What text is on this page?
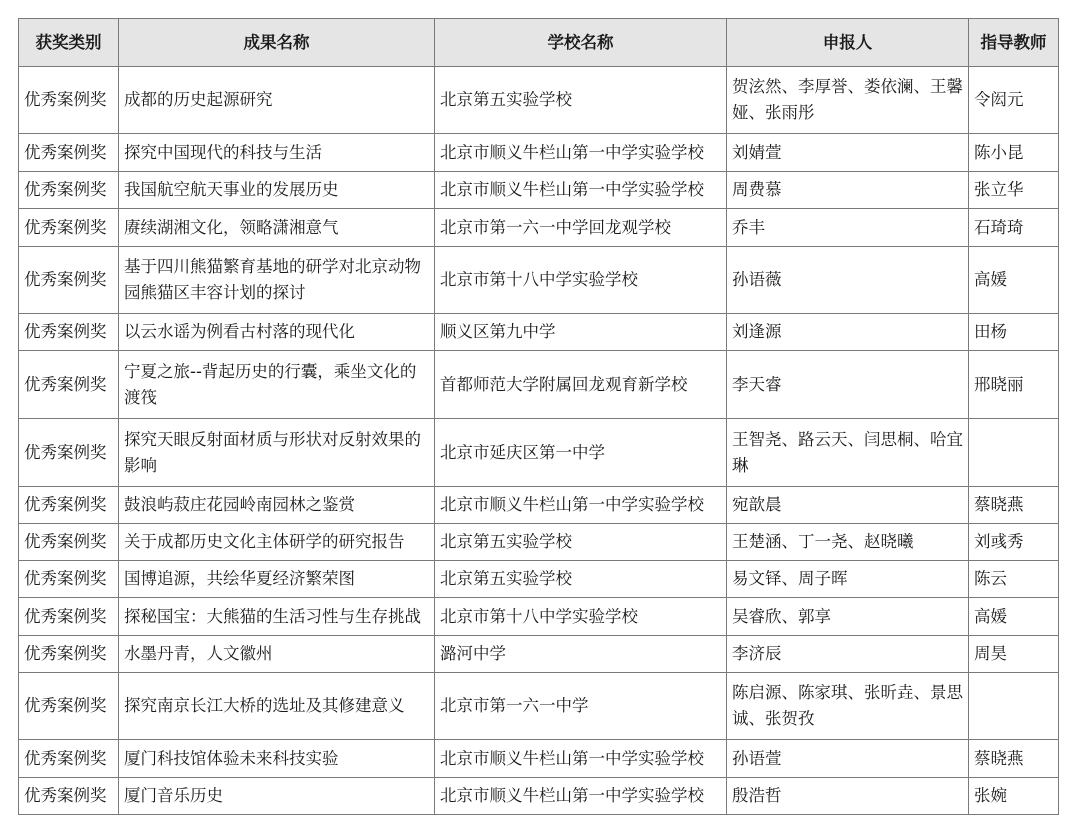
获奖类别	成果名称	学校名称	申报人	指导教师
优秀案例奖	成都的历史起源研究	北京第五实验学校	贺泫然、李厚誉、娄依澜、王馨娅、张雨彤	令闳元
优秀案例奖	探究中国现代的科技与生活	北京市顺义牛栏山第一中学实验学校	刘婧萱	陈小昆
优秀案例奖	我国航空航天事业的发展历史	北京市顺义牛栏山第一中学实验学校	周费慕	张立华
优秀案例奖	赓续湖湘文化，领略潇湘意气	北京市第一六一中学回龙观学校	乔丰	石琦琦
优秀案例奖	基于四川熊猫繁育基地的研学对北京动物园熊猫区丰容计划的探讨	北京市第十八中学实验学校	孙语薇	高媛
优秀案例奖	以云水谣为例看古村落的现代化	顺义区第九中学	刘逢源	田杨
优秀案例奖	宁夏之旅--背起历史的行囊，乘坐文化的渡筏	首都师范大学附属回龙观育新学校	李天睿	邢晓丽
优秀案例奖	探究天眼反射面材质与形状对反射效果的影响	北京市延庆区第一中学	王智尧、路云天、闫思桐、哈宜琳	
优秀案例奖	鼓浪屿菽庄花园岭南园林之鉴赏	北京市顺义牛栏山第一中学实验学校	宛歆晨	蔡晓燕
优秀案例奖	关于成都历史文化主体研学的研究报告	北京第五实验学校	王楚涵、丁一尧、赵晓曦	刘彧秀
优秀案例奖	国博追源，共绘华夏经济繁荣图	北京第五实验学校	易文铎、周子晖	陈云
优秀案例奖	探秘国宝：大熊猫的生活习性与生存挑战	北京市第十八中学实验学校	吴睿欣、郭享	高媛
优秀案例奖	水墨丹青，人文徽州	潞河中学	李济辰	周昊
优秀案例奖	探究南京长江大桥的选址及其修建意义	北京市第一六一中学	陈启源、陈家琪、张昕垚、景思诚、张贺孜	
优秀案例奖	厦门科技馆体验未来科技实验	北京市顺义牛栏山第一中学实验学校	孙语萱	蔡晓燕
优秀案例奖	厦门音乐历史	北京市顺义牛栏山第一中学实验学校	殷浩哲	张婉
